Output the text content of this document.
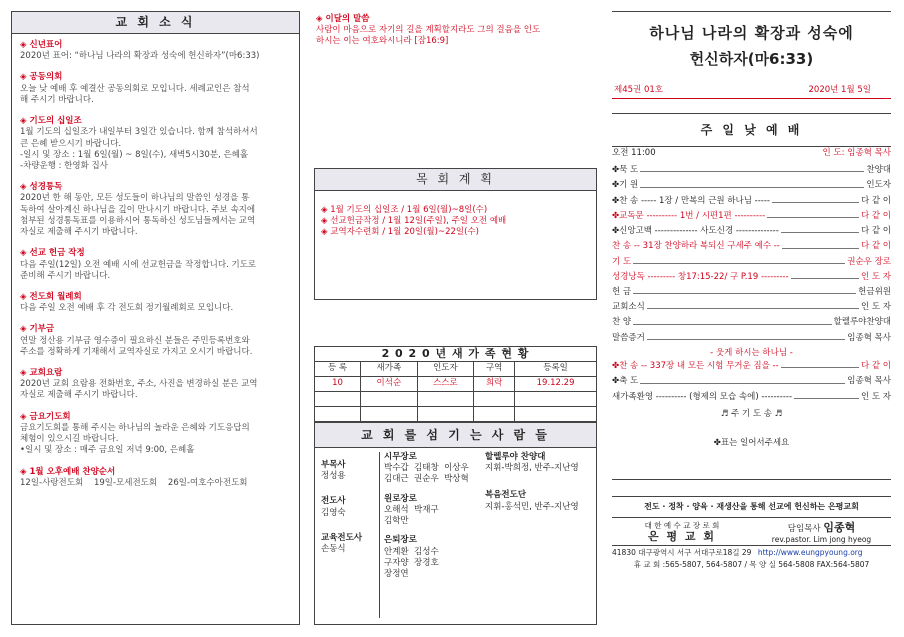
교 회 소 식
◈ 신년표어
2020년 표어: “하나님 나라의 확장과 성숙에 헌신하자”(마6:33)
◈ 공동의회
오늘 낮 예배 후 예결산 공동의회로 모입니다. 세례교인은 참석
해 주시기 바랍니다.
◈ 기도의 십일조
1월 기도의 십일조가 내일부터 3일간 있습니다. 함께 참석하셔서
큰 은혜 받으시기 바랍니다.
-일시 및 장소 : 1월 6일(월) ~ 8일(수), 새벽5시30분, 은혜홀
-차량운행 : 한영화 집사
◈ 성경통독
2020년 한 해 동안, 모든 성도들이 하나님의 말씀인 성경을 통
독하여 살아계신 하나님을 깊이 만나시기 바랍니다. 주보 속지에
첨부된 성경통독표를 이용하시어 통독하신 성도님들께서는 교역
자실로 제출해 주시기 바랍니다.
◈ 선교 헌금 작정
다음 주일(12일) 오전 예배 시에 선교헌금을 작정합니다. 기도로
준비해 주시기 바랍니다.
◈ 전도회 월례회
다음 주일 오전 예배 후 각 전도회 정기월례회로 모입니다.
◈ 기부금
연말 정산용 기부금 영수증이 필요하신 분들은 주민등록번호와
주소를 정확하게 기재해서 교역자실로 가지고 오시기 바랍니다.
◈ 교회요람
2020년 교회 요람용 전화번호, 주소, 사진을 변경하실 분은 교역
자실로 제출해 주시기 바랍니다.
◈ 금요기도회
금요기도회를 통해 주시는 하나님의 놀라운 은혜와 기도응답의
체험이 있으시길 바랍니다.
•일시 및 장소 : 매주 금요일 저녁 9:00, 은혜홀
◈ 1월 오후예배 찬양순서
12일-사랑전도회    19일-모세전도회    26일-여호수아전도회
◈ 이달의 말씀
사람이 마음으로 자기의 길을 계획할지라도 그의 걸음을 인도
하시는 이는 여호와시니라 [잠16:9]
목 회 계 획
◈ 1월 기도의 십일조 / 1월 6일(월)~8일(수)
◈ 선교헌금작정 / 1월 12일(주일), 주일 오전 예배
◈ 교역자수련회 / 1월 20일(월)~22일(수)
2 0 2 0 년 새 가 족 현 황
등 록	새가족	인도자	구역	등록일
10	이석순	스스로	희락	19.12.29

교 회 를 섬 기 는 사 람 들
부목사
정성용
전도사
김영숙
교육전도사
손동식
시무장로
박수갑  김태창  이상우
김대근  권순우  박상혁
원로장로
오해석  박재구
김학만
은퇴장로
안계환  김성수
구자양  장경호
장정연
할렐루야 찬양대
지휘-박희정, 반주-지난영
복음전도단
지휘-홍석민, 반주-지난영
하나님 나라의 확장과 성숙에
헌신하자(마6:33)
제45권 01호	2020년 1월 5일
주 일 낮 예 배
오전 11:00	인 도: 임종혁 목사
✤묵 도	찬양대
✤기 원	인도자
✤찬 송 ----- 1장 / 만복의 근원 하나님 -----	다 같 이
✤교독문 ---------- 1번 / 시편1편 ----------	다 같 이
✤신앙고백 -------------- 사도신경 --------------	다 같 이
찬 송 -- 31장 찬양하라 복되신 구세주 예수 --	다 같 이
기 도	권순우 장로
성경낭독 --------- 창17:15-22/ 구 P.19 ---------	인 도 자
헌 금	헌금위원
교회소식	인 도 자
찬 양	할렐루야찬양대
말씀증거	임종혁 목사
- 웃게 하시는 하나님 -
✤찬 송 -- 337장 내 모든 시험 무거운 짐을 --	다 같 이
✤축 도	임종혁 목사
새가족환영 ---------- (형제의 모습 속에) ----------	인 도 자
♬ 주 기 도 송 ♬
✤표는 일어서주세요
전도 · 정착 · 양육 · 재생산을 통해 선교에 헌신하는 은평교회
대 한 예 수 교 장 로 회
은 평 교 회
담임목사 임종혁
rev.pastor. Lim jong hyeog
41830 대구광역시 서구 서대구로18길 29 http://www.eungpyoung.org
휴 교 회 :565-5807, 564-5807 / 목 양 실 564-5808 FAX:564-5807
